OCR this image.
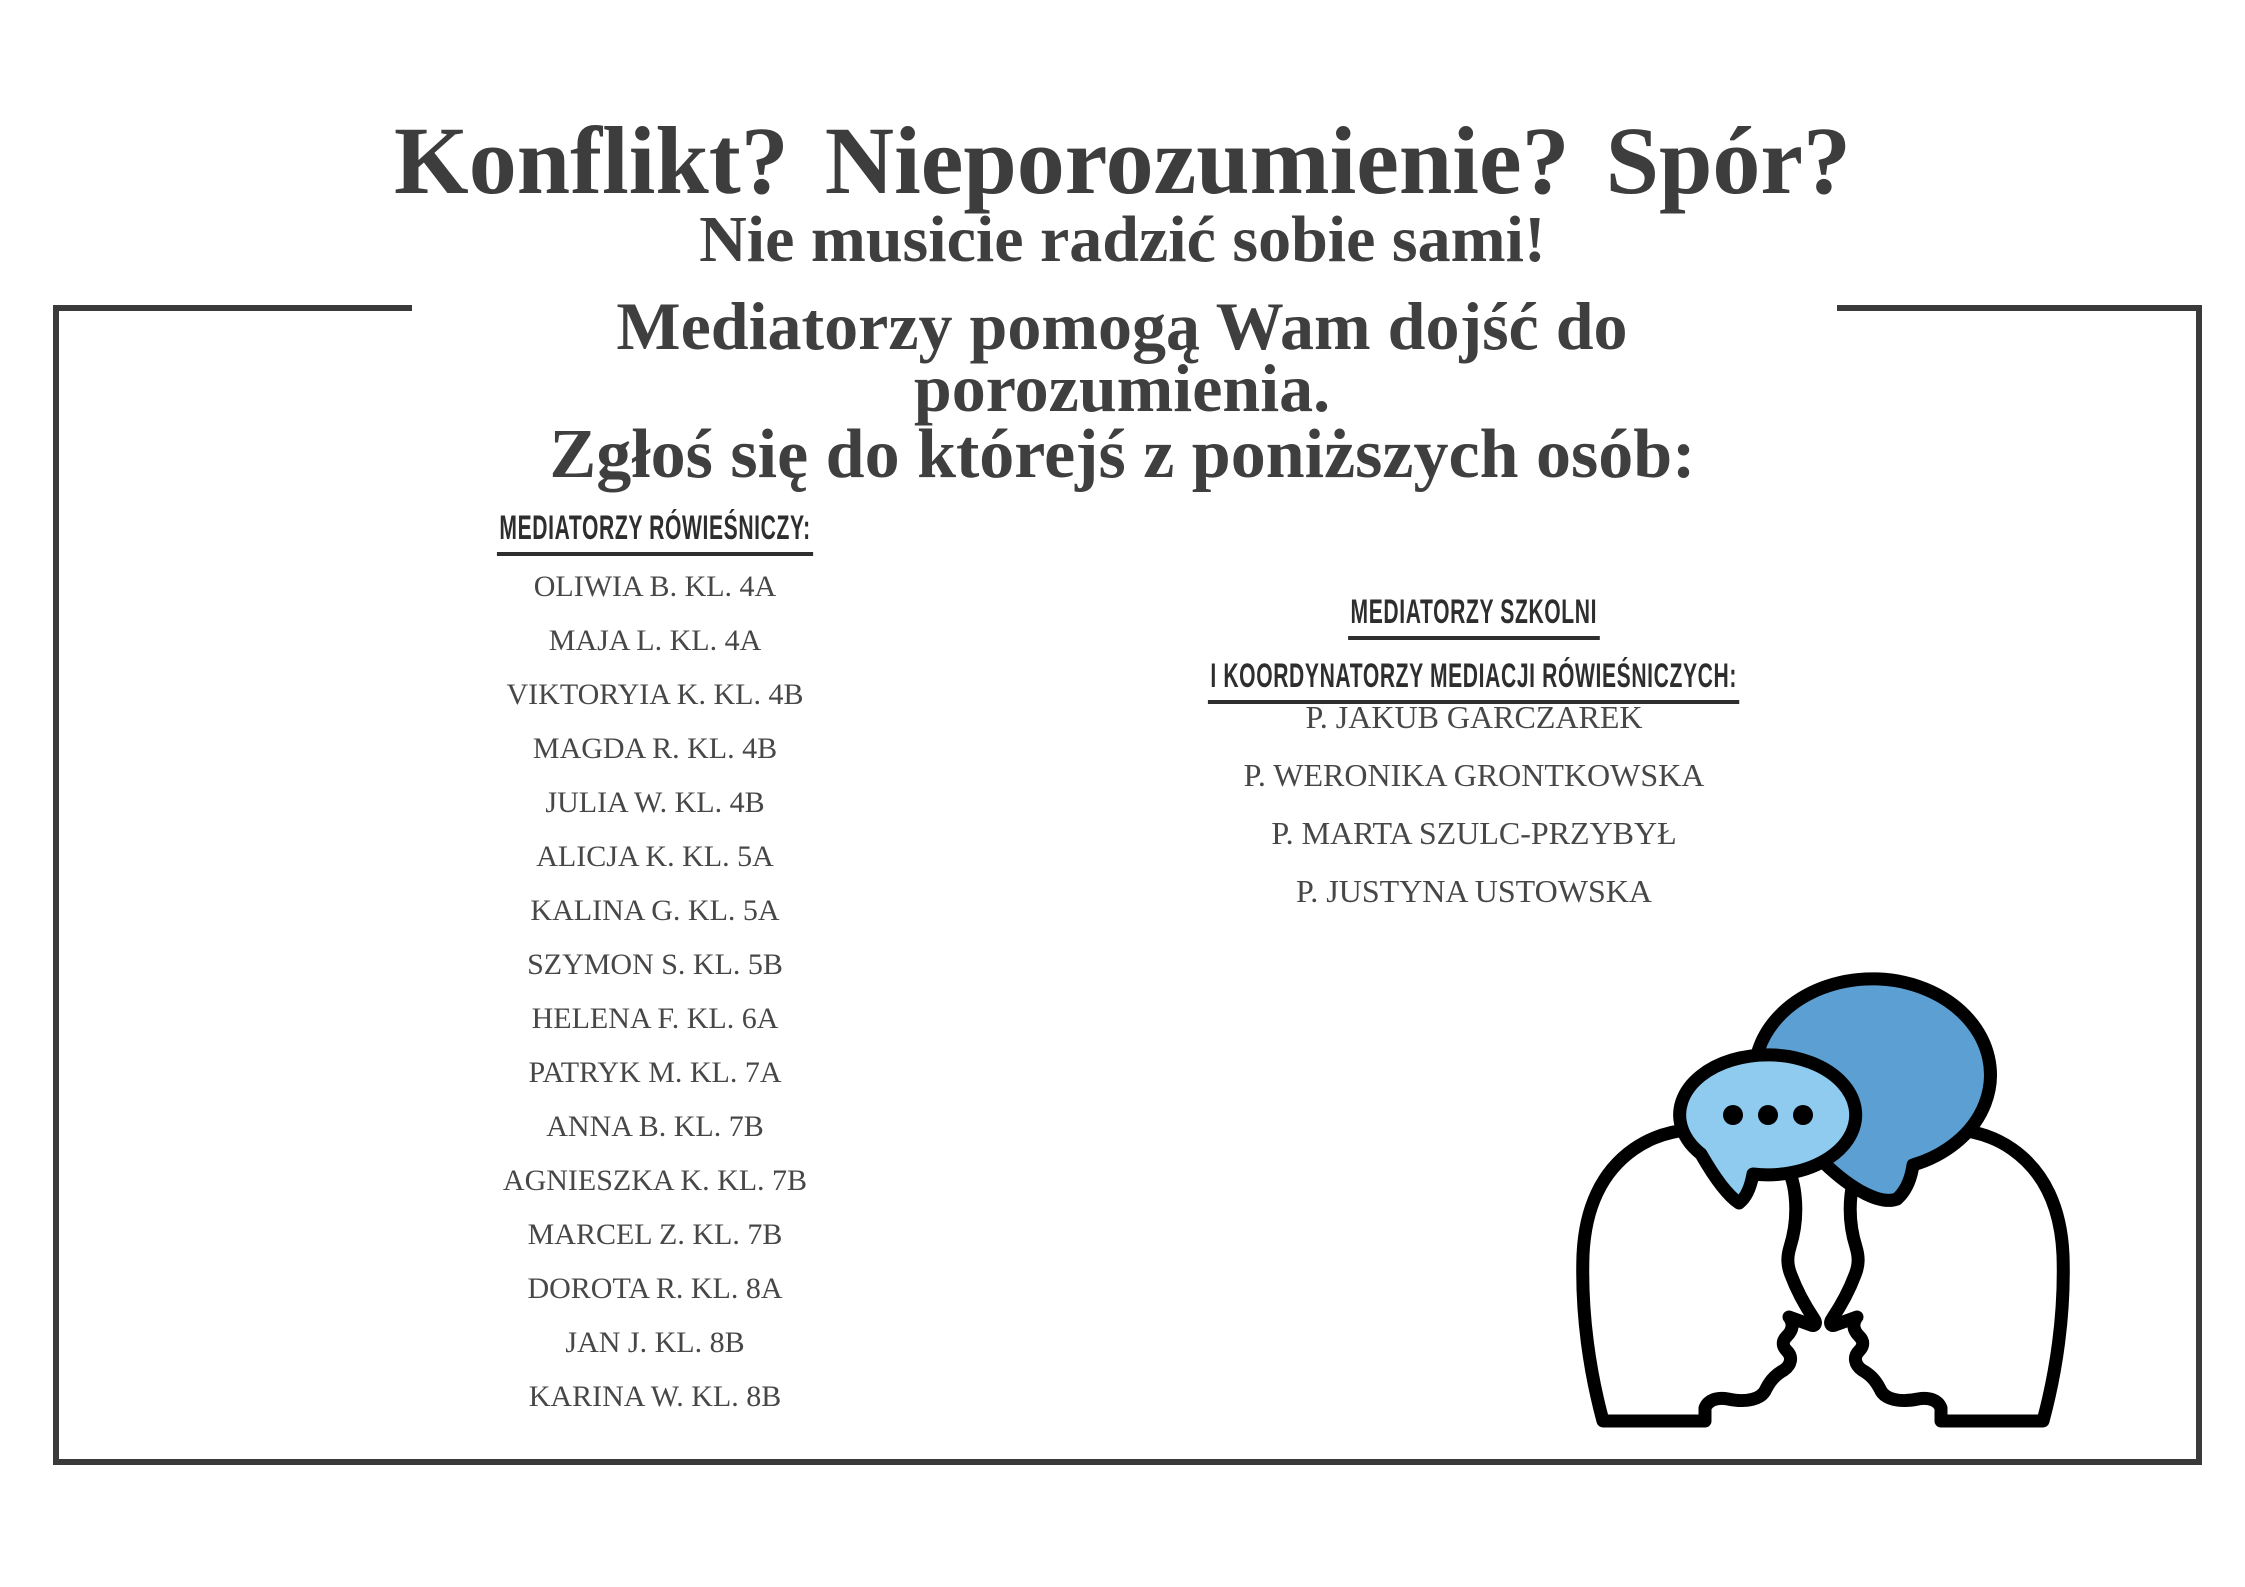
Konflikt? Nieporozumienie? Spór?
Nie musicie radzić sobie sami!
Mediatorzy pomogą Wam dojść do porozumienia.
Zgłoś się do którejś z poniższych osób:
MEDIATORZY RÓWIEŚNICZY:
OLIWIA B. KL. 4A
MAJA L. KL. 4A
VIKTORYIA K. KL. 4B
MAGDA R. KL. 4B
JULIA W. KL. 4B
ALICJA K. KL. 5A
KALINA G. KL. 5A
SZYMON S. KL. 5B
HELENA F. KL. 6A
PATRYK M. KL. 7A
ANNA B. KL. 7B
AGNIESZKA K. KL. 7B
MARCEL Z. KL. 7B
DOROTA R. KL. 8A
JAN J. KL. 8B
KARINA W. KL. 8B
MEDIATORZY SZKOLNI
I KOORDYNATORZY MEDIACJI RÓWIEŚNICZYCH:
P. JAKUB GARCZAREK
P. WERONIKA GRONTKOWSKA
P. MARTA SZULC-PRZYBYŁ
P. JUSTYNA USTOWSKA
